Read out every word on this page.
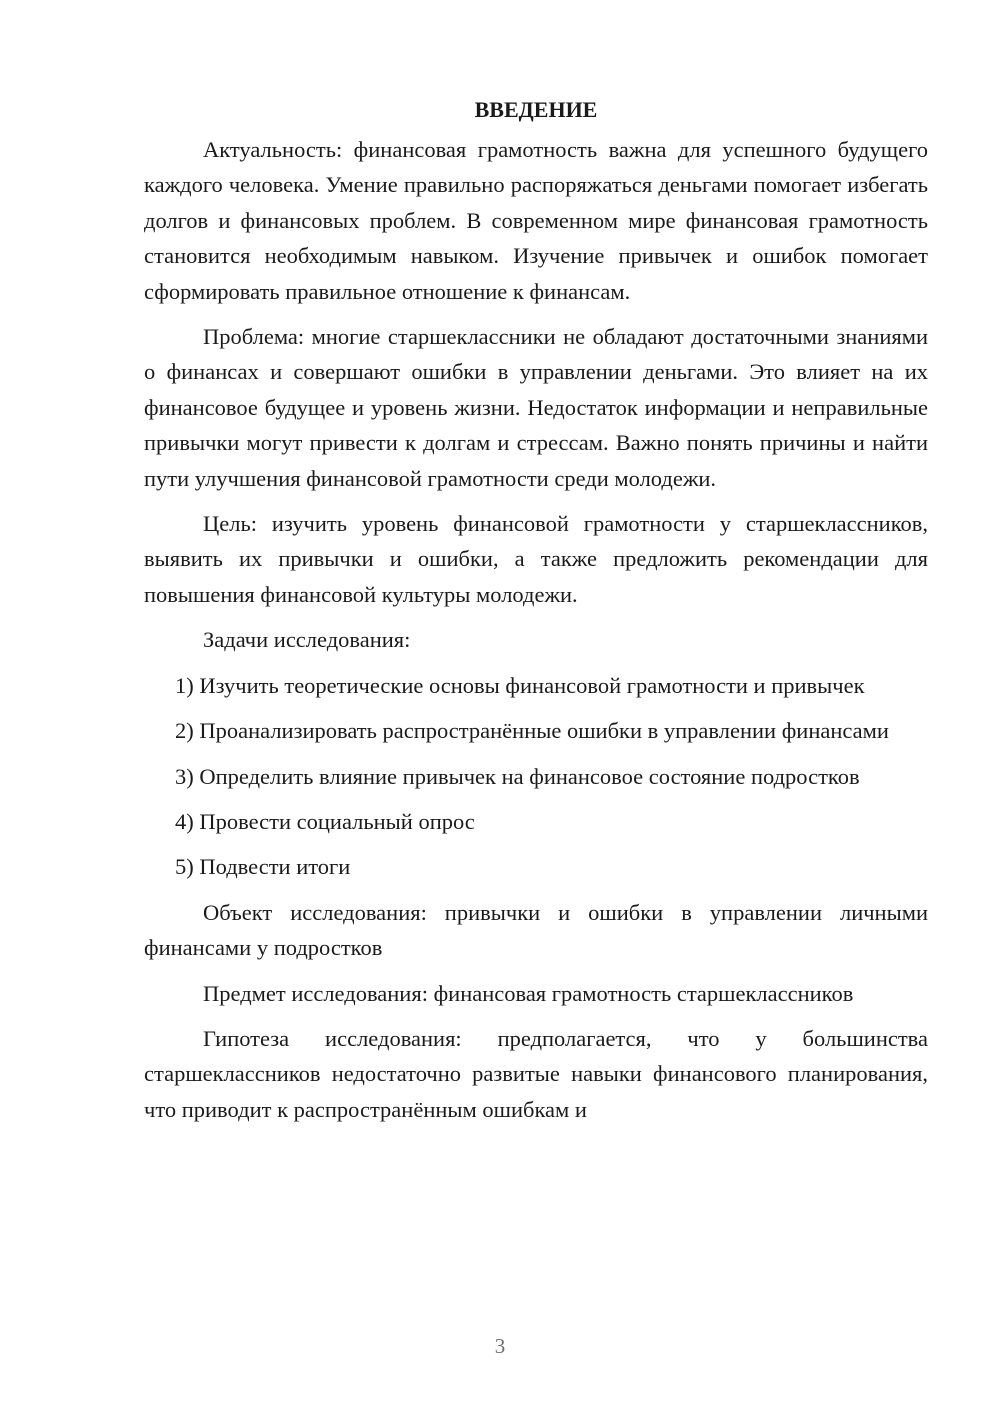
ВВЕДЕНИЕ

Актуальность: финансовая грамотность важна для успешного будущего каждого человека. Умение правильно распоряжаться деньгами помогает избегать долгов и финансовых проблем. В современном мире финансовая грамотность становится необходимым навыком. Изучение привычек и ошибок помогает сформировать правильное отношение к финансам.

Проблема: многие старшеклассники не обладают достаточными знаниями о финансах и совершают ошибки в управлении деньгами. Это влияет на их финансовое будущее и уровень жизни. Недостаток информации и неправильные привычки могут привести к долгам и стрессам. Важно понять причины и найти пути улучшения финансовой грамотности среди молодежи.

Цель: изучить уровень финансовой грамотности у старшеклассников, выявить их привычки и ошибки, а также предложить рекомендации для повышения финансовой культуры молодежи.

Задачи исследования:

1) Изучить теоретические основы финансовой грамотности и привычек

2) Проанализировать распространённые ошибки в управлении финансами

3) Определить влияние привычек на финансовое состояние подростков

4) Провести социальный опрос

5) Подвести итоги

Объект исследования: привычки и ошибки в управлении личными финансами у подростков

Предмет исследования: финансовая грамотность старшеклассников

Гипотеза исследования: предполагается, что у большинства старшеклассников недостаточно развитые навыки финансового планирования, что приводит к распространённым ошибкам и

3
